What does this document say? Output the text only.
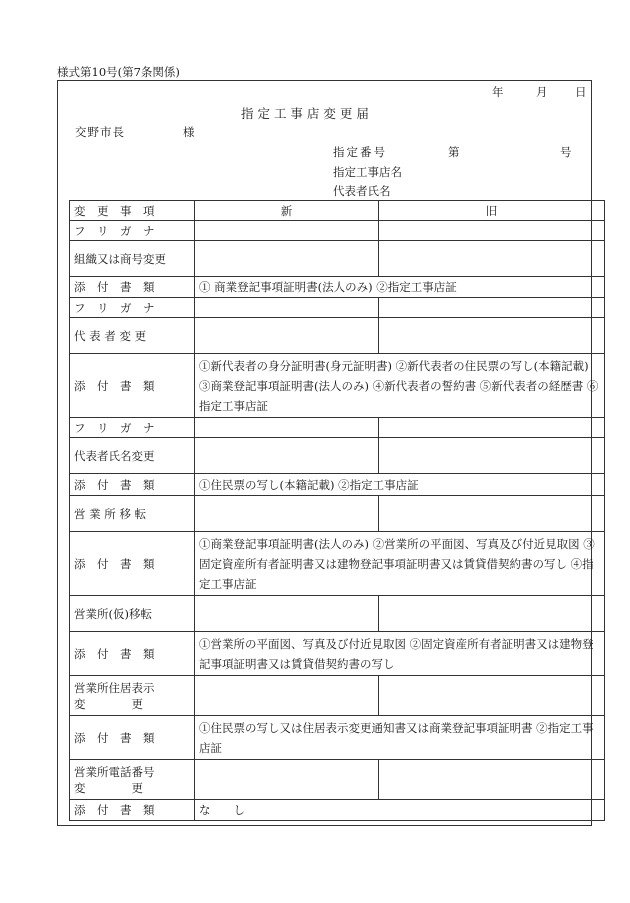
様式第10号(第7条関係)
年	月 日
指 定 工 事 店 変 更 届
交野市長	様
指定番号	第	号
指定工事店名
代表者氏名
変　更　事　項	新	旧
フ　リ　ガ　ナ		
組織又は商号変更		
添　付　書　類	① 商業登記事項証明書(法人のみ) ②指定工事店証	
フ　リ　ガ　ナ		
代 表 者 変 更		
添　付　書　類	①新代表者の身分証明書(身元証明書) ②新代表者の住民票の写し(本籍記載) ③商業登記事項証明書(法人のみ) ④新代表者の誓約書 ⑤新代表者の経歴書 ⑥指定工事店証	
フ　リ　ガ　ナ		
代表者氏名変更		
添　付　書　類	①住民票の写し(本籍記載) ②指定工事店証	
営 業 所 移 転		
添　付　書　類	①商業登記事項証明書(法人のみ) ②営業所の平面図、写真及び付近見取図 ③固定資産所有者証明書又は建物登記事項証明書又は賃貸借契約書の写し ④指定工事店証	
営業所(仮)移転		
添　付　書　類	①営業所の平面図、写真及び付近見取図 ②固定資産所有者証明書又は建物登記事項証明書又は賃貸借契約書の写し	

営業所住居表示
変　　　　更		

添　付　書　類	①住民票の写し又は住居表示変更通知書又は商業登記事項証明書 ②指定工事店証	

営業所電話番号
変　　　　更		

添　付　書　類	な　　し	
